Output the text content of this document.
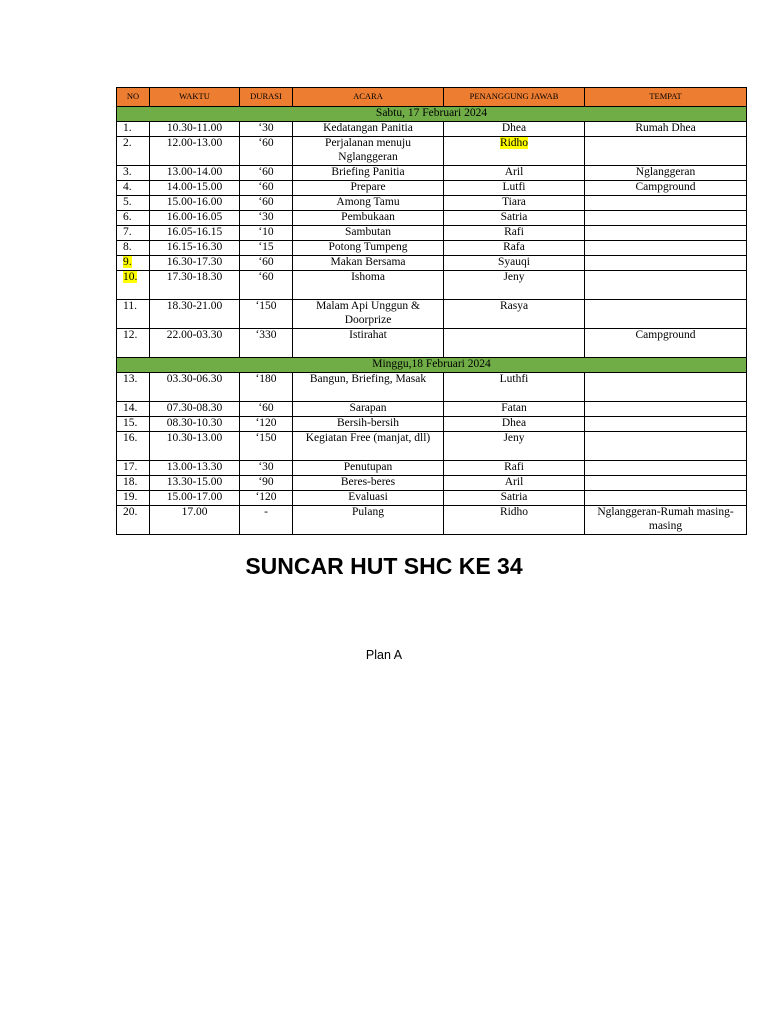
NO	WAKTU	DURASI	ACARA	PENANGGUNG JAWAB	TEMPAT
Sabtu, 17 Februari 2024					
1.	10.30-11.00	‘30	Kedatangan Panitia	Dhea	Rumah Dhea
2.	12.00-13.00	‘60	Perjalanan menuju Nglanggeran	Ridho	
3.	13.00-14.00	‘60	Briefing Panitia	Aril	Nglanggeran
4.	14.00-15.00	‘60	Prepare	Lutfi	Campground
5.	15.00-16.00	‘60	Among Tamu	Tiara	
6.	16.00-16.05	‘30	Pembukaan	Satria	
7.	16.05-16.15	‘10	Sambutan	Rafi	
8.	16.15-16.30	‘15	Potong Tumpeng	Rafa	
9.	16.30-17.30	‘60	Makan Bersama	Syauqi	
10.	17.30-18.30	‘60	Ishoma	Jeny	
11.	18.30-21.00	‘150	Malam Api Unggun & Doorprize	Rasya	
12.	22.00-03.30	‘330	Istirahat		Campground
Minggu,18 Februari 2024					
13.	03.30-06.30	‘180	Bangun, Briefing, Masak	Luthfi	
14.	07.30-08.30	‘60	Sarapan	Fatan	
15.	08.30-10.30	‘120	Bersih-bersih	Dhea	
16.	10.30-13.00	‘150	Kegiatan Free (manjat, dll)	Jeny	
17.	13.00-13.30	‘30	Penutupan	Rafi	
18.	13.30-15.00	‘90	Beres-beres	Aril	
19.	15.00-17.00	‘120	Evaluasi	Satria	
20.	17.00	-	Pulang	Ridho	Nglanggeran-Rumah masing-masing
SUNCAR HUT SHC KE 34
Plan A
